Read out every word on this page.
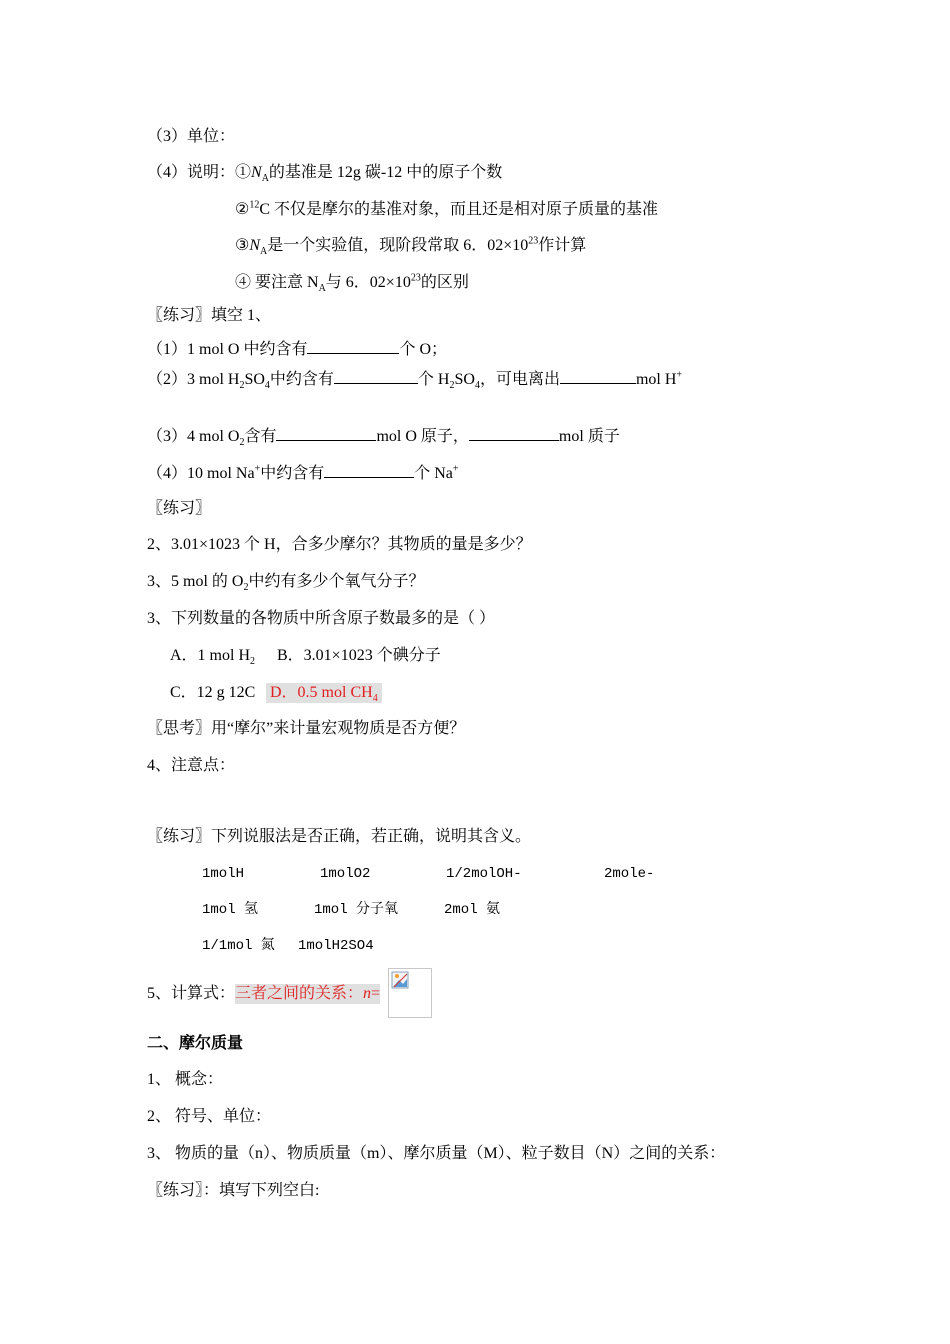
（3）单位：
（4）说明：$①N_A$的基准是 12g 碳-12 中的原子个数
②$^{12}$C 不仅是摩尔的基准对象，而且还是相对原子质量的基准
$③N_A$是一个实验值，现阶段常取 6．$02\times 10^{23}$作计算
④ 要注意 $N_A$与 6．$02\times 10^{23}$的区别
〖练习〗填空 1、
（1）1 mol O 中约含有	个 O；
（2）3 mol $H_2SO_4$中约含有	个 $H_2SO_4$，可电离出	mol H+
（3）4 mol $O_2$含有	mol O 原子，	mol 质子
（4）10 mol Na+中约含有	个 Na+
〖练习〗
2、3.01×1023 个 H，合多少摩尔？其物质的量是多少？
3、5 mol 的 $O_2$中约有多少个氧气分子？
3、下列数量的各物质中所含原子数最多的是（ ）
A．1 mol $H_2$ B．3.01×1023 个碘分子
C．12 g 12C D．0.5 mol $CH_4$
〖思考〗用“摩尔”来计量宏观物质是否方便？
4、注意点：
〖练习〗下列说服法是否正确，若正确，说明其含义。
1molH	1molO2	1/2molOH-	2mole-
1mol 氢	1mol 分子氧	2mol 氨
1/1mol 氮 1molH2SO4
5、计算式： 三者之间的关系：n=
二、摩尔质量
1、 概念：
2、 符号、单位：
3、 物质的量（n）、物质质量（m）、摩尔质量（M）、粒子数目（N）之间的关系：
〖练习〗：填写下列空白:
